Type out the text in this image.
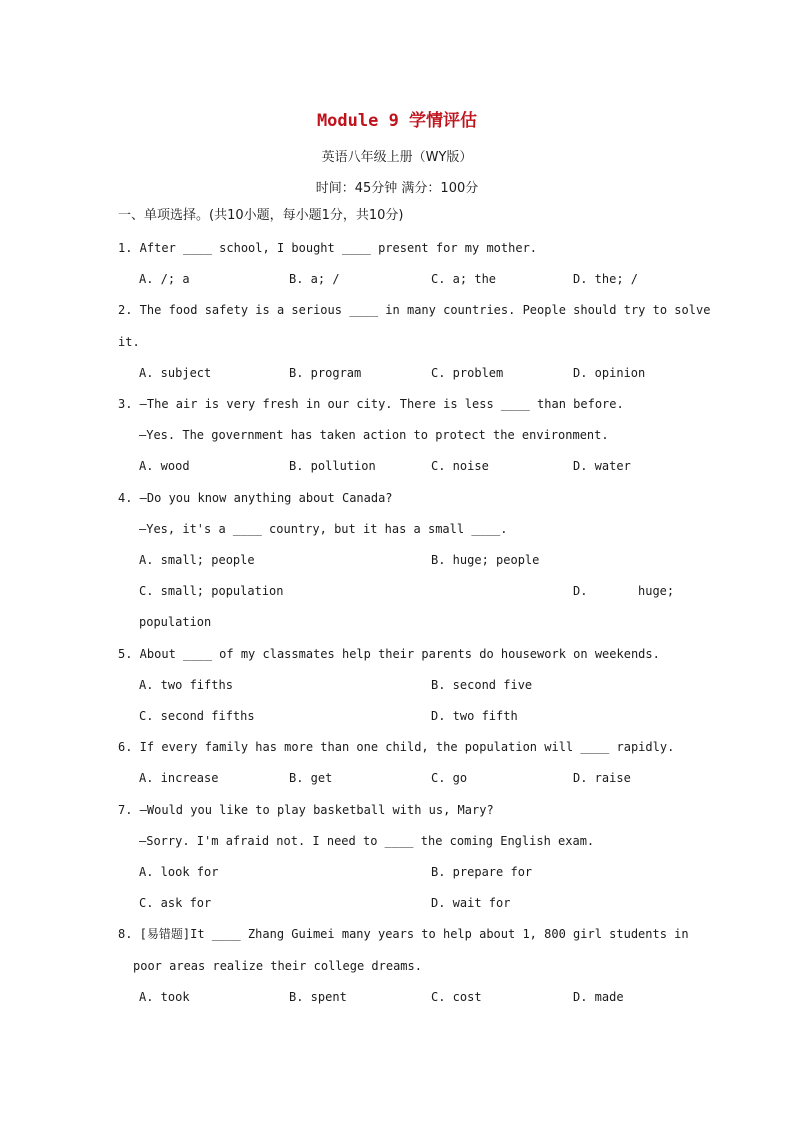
Module 9 学情评估
英语八年级上册（WY版）
时间：45分钟 满分：100分
一、单项选择。(共10小题，每小题1分，共10分)
1. After ____ school, I bought ____ present for my mother.
A. /; a	B. a; /	C. a; the	D. the; /
2. The food safety is a serious ____ in many countries. People should try to solve
it.
A. subject	B. program	C. problem	D. opinion
3. —The air is very fresh in our city. There is less ____ than before.
—Yes. The government has taken action to protect the environment.
A. wood	B. pollution	C. noise	D. water
4. —Do you know anything about Canada?
—Yes, it's a ____ country, but it has a small ____.
A. small; people	B. huge; people
C. small; population	D.	huge;
population
5. About ____ of my classmates help their parents do housework on weekends.
A. two fifths	B. second five
C. second fifths	D. two fifth
6. If every family has more than one child, the population will ____ rapidly.
A. increase	B. get	C. go	D. raise
7. —Would you like to play basketball with us, Mary?
—Sorry. I'm afraid not. I need to ____ the coming English exam.
A. look for	B. prepare for
C. ask for	D. wait for
8. [易错题]It ____ Zhang Guimei many years to help about 1, 800 girl students in
poor areas realize their college dreams.
A. took	B. spent	C. cost	D. made
